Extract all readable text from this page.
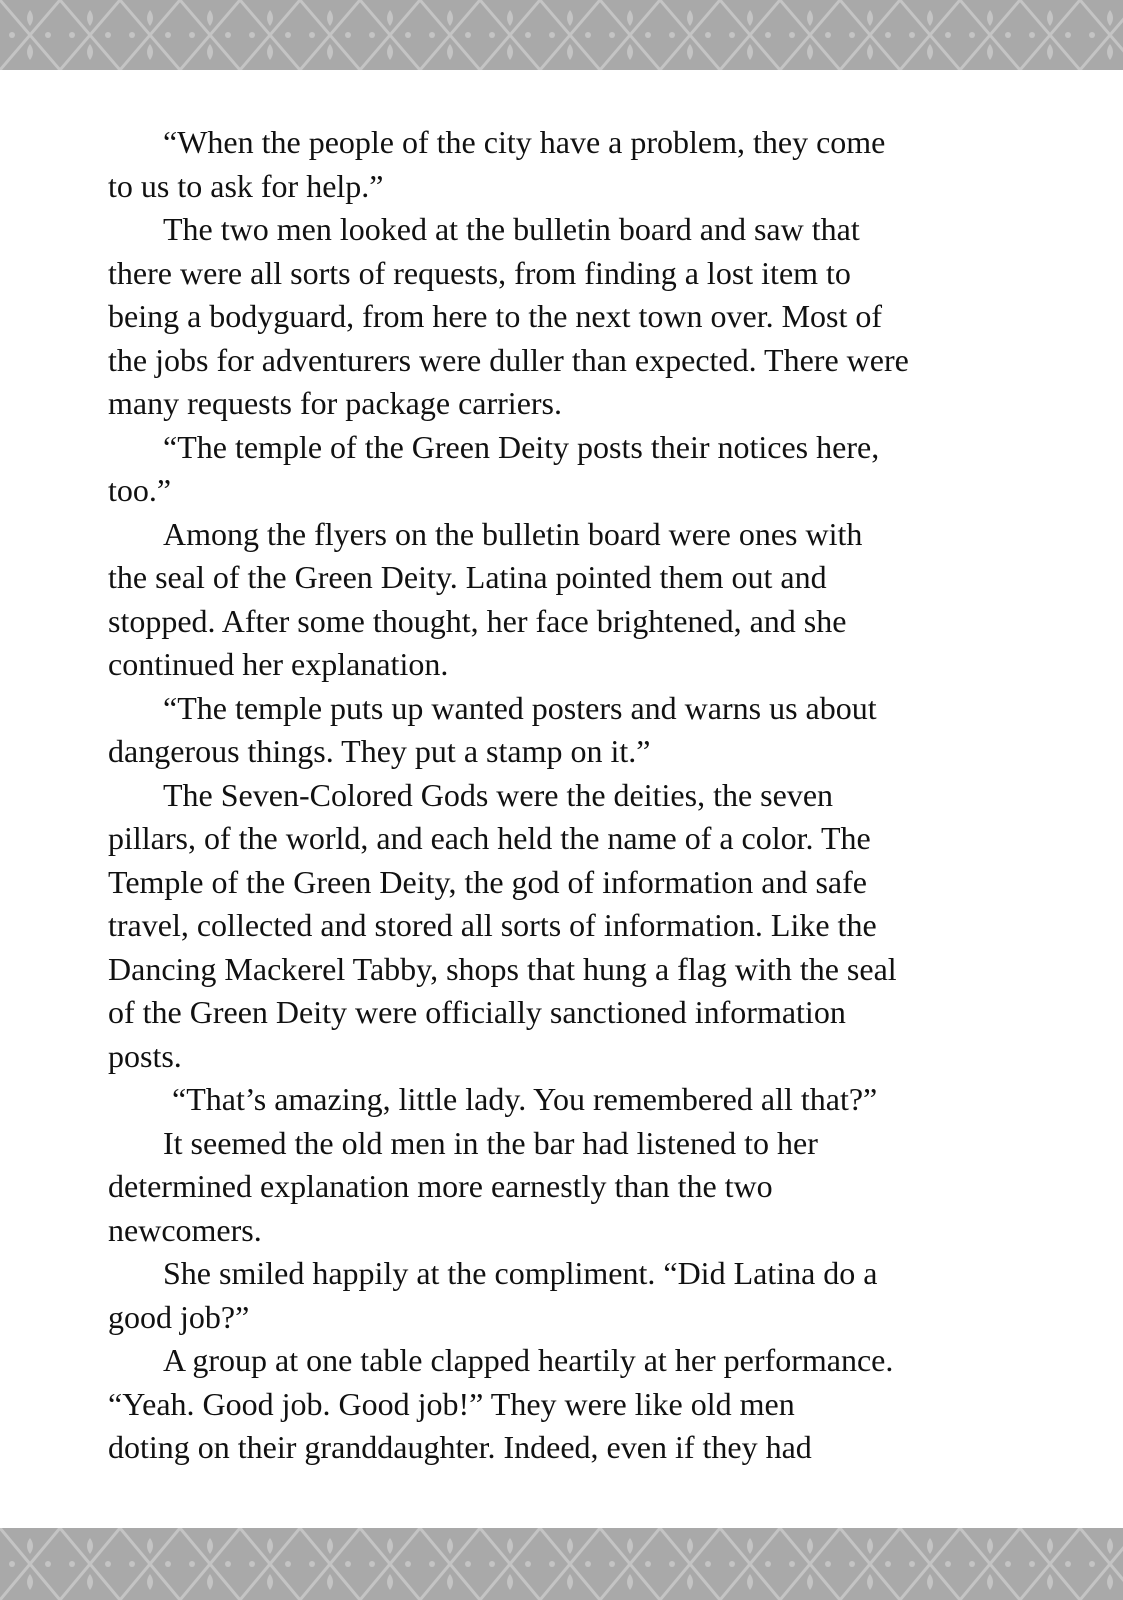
“When the people of the city have a problem, they come
to us to ask for help.”
The two men looked at the bulletin board and saw that
there were all sorts of requests, from finding a lost item to
being a bodyguard, from here to the next town over. Most of
the jobs for adventurers were duller than expected. There were
many requests for package carriers.
“The temple of the Green Deity posts their notices here,
too.”
Among the flyers on the bulletin board were ones with
the seal of the Green Deity. Latina pointed them out and
stopped. After some thought, her face brightened, and she
continued her explanation.
“The temple puts up wanted posters and warns us about
dangerous things. They put a stamp on it.”
The Seven-Colored Gods were the deities, the seven
pillars, of the world, and each held the name of a color. The
Temple of the Green Deity, the god of information and safe
travel, collected and stored all sorts of information. Like the
Dancing Mackerel Tabby, shops that hung a flag with the seal
of the Green Deity were officially sanctioned information
posts.
“That’s amazing, little lady. You remembered all that?”
It seemed the old men in the bar had listened to her
determined explanation more earnestly than the two
newcomers.
She smiled happily at the compliment. “Did Latina do a
good job?”
A group at one table clapped heartily at her performance.
“Yeah. Good job. Good job!” They were like old men
doting on their granddaughter. Indeed, even if they had
